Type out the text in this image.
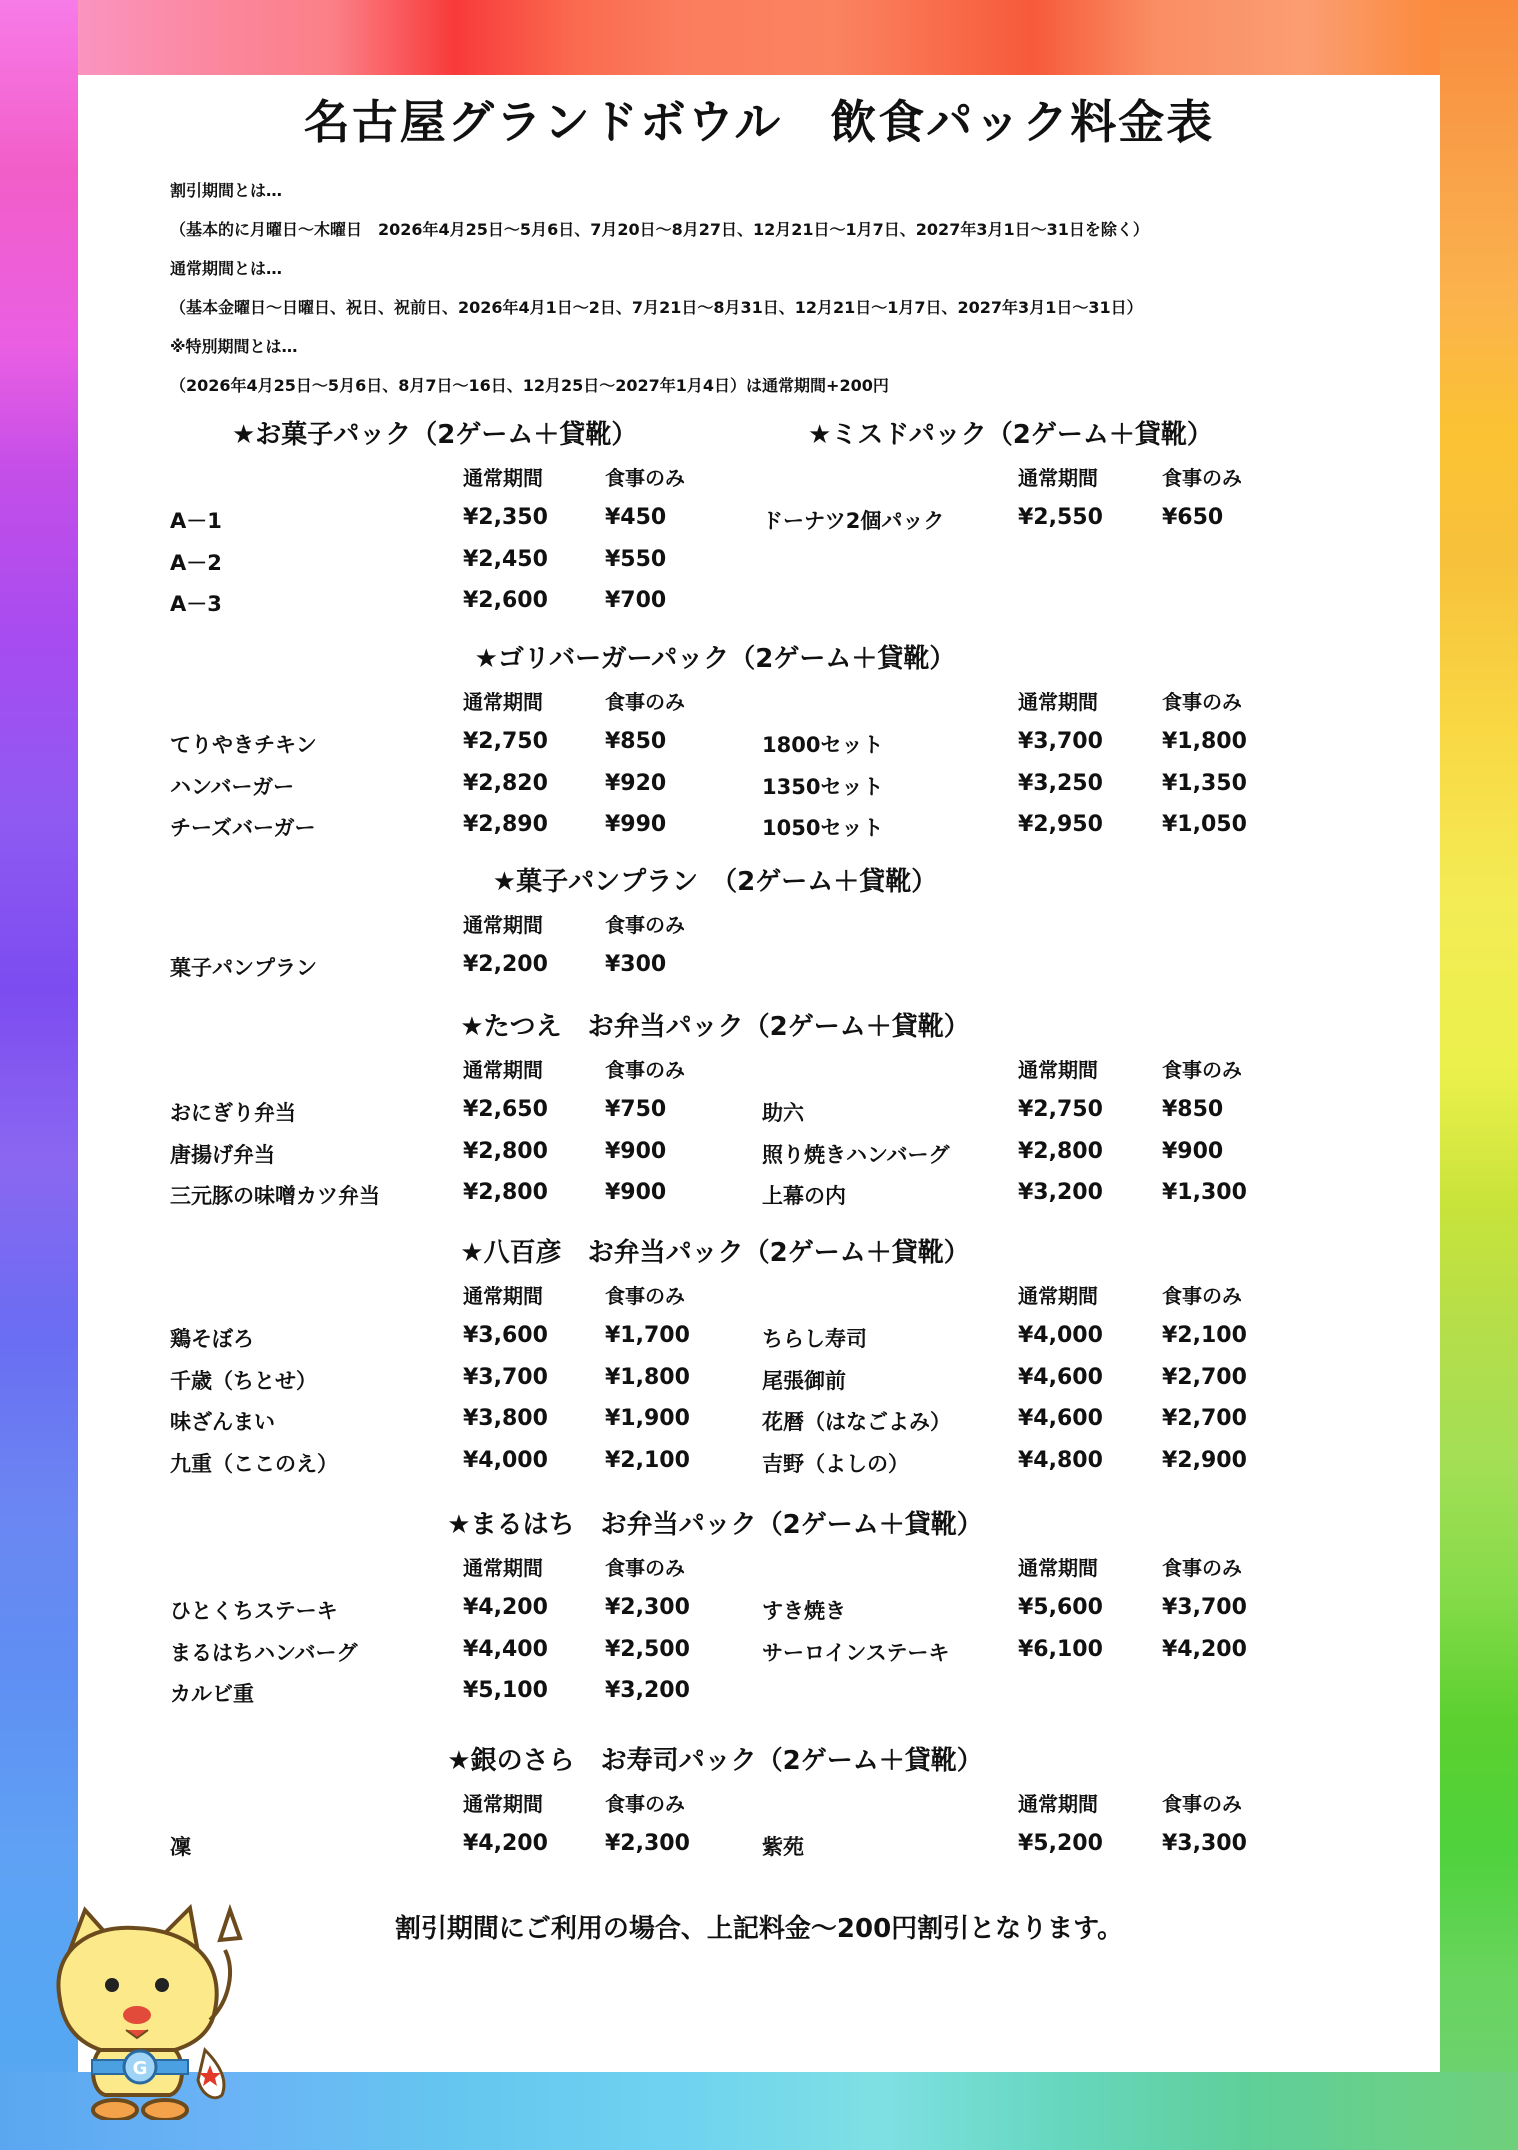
名古屋グランドボウル　飲食パック料金表
割引期間とは…
（基本的に月曜日～木曜日　2026年4月25日～5月6日、7月20日～8月27日、12月21日～1月7日、2027年3月1日～31日を除く）
通常期間とは…
（基本金曜日～日曜日、祝日、祝前日、2026年4月1日～2日、7月21日～8月31日、12月21日～1月7日、2027年3月1日～31日）
※特別期間とは…
（2026年4月25日～5月6日、8月7日～16日、12月25日～2027年1月4日）は通常期間+200円
★お菓子パック（2ゲーム＋貸靴）	★ミスドパック（2ゲーム＋貸靴）
通常期間	食事のみ	通常期間	食事のみ
A－1	¥2,350	¥450
A－2	¥2,450	¥550
A－3	¥2,600	¥700
ドーナツ2個パック	¥2,550	¥650
★ゴリバーガーパック（2ゲーム＋貸靴）
通常期間	食事のみ	通常期間	食事のみ
てりやきチキン	¥2,750	¥850
ハンバーガー	¥2,820	¥920
チーズバーガー	¥2,890	¥990
1800セット	¥3,700	¥1,800
1350セット	¥3,250	¥1,350
1050セット	¥2,950	¥1,050
★菓子パンプラン　（2ゲーム＋貸靴）
通常期間	食事のみ
菓子パンプラン	¥2,200	¥300
★たつえ　お弁当パック（2ゲーム＋貸靴）
通常期間	食事のみ	通常期間	食事のみ
おにぎり弁当	¥2,650	¥750
唐揚げ弁当	¥2,800	¥900
三元豚の味噌カツ弁当	¥2,800	¥900
助六	¥2,750	¥850
照り焼きハンバーグ	¥2,800	¥900
上幕の内	¥3,200	¥1,300
★八百彦　お弁当パック（2ゲーム＋貸靴）
通常期間	食事のみ	通常期間	食事のみ
鶏そぼろ	¥3,600	¥1,700
千歳（ちとせ）	¥3,700	¥1,800
味ざんまい	¥3,800	¥1,900
九重（ここのえ）	¥4,000	¥2,100
ちらし寿司	¥4,000	¥2,100
尾張御前	¥4,600	¥2,700
花暦（はなごよみ）	¥4,600	¥2,700
吉野（よしの）	¥4,800	¥2,900
★まるはち　お弁当パック（2ゲーム＋貸靴）
通常期間	食事のみ	通常期間	食事のみ
ひとくちステーキ	¥4,200	¥2,300
まるはちハンバーグ	¥4,400	¥2,500
カルビ重	¥5,100	¥3,200
すき焼き	¥5,600	¥3,700
サーロインステーキ	¥6,100	¥4,200
★銀のさら　お寿司パック（2ゲーム＋貸靴）
通常期間	食事のみ	通常期間	食事のみ
凜	¥4,200	¥2,300	紫苑	¥5,200	¥3,300
割引期間にご利用の場合、上記料金～200円割引となります。
G
